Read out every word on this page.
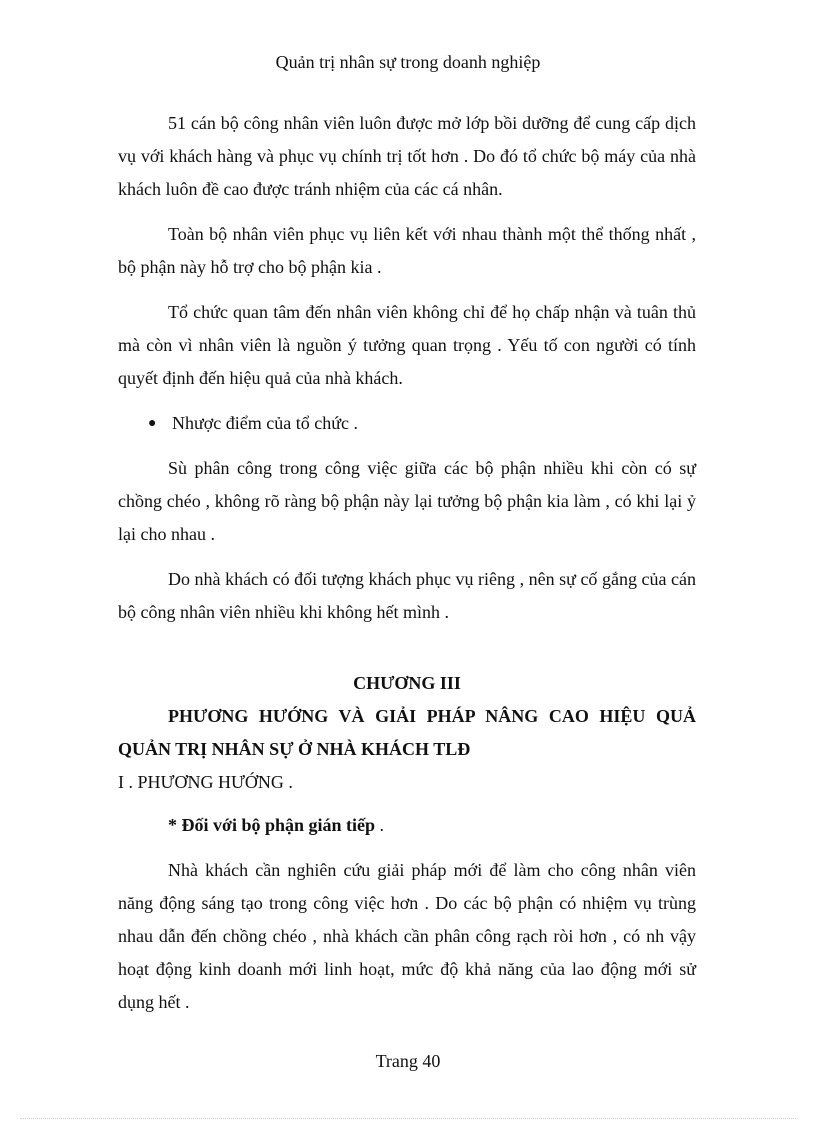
Quản trị nhân sự trong doanh nghiệp

51 cán bộ công nhân viên luôn được mở lớp bồi dưỡng để cung cấp dịch vụ với khách hàng và phục vụ chính trị tốt hơn . Do đó tổ chức bộ máy của nhà khách luôn đề cao được tránh nhiệm của các cá nhân.

Toàn bộ nhân viên phục vụ liên kết với nhau thành một thể thống nhất , bộ phận này hỗ trợ cho bộ phận kia .

Tổ chức quan tâm đến nhân viên không chỉ để họ chấp nhận và tuân thủ mà còn vì nhân viên là nguồn ý tưởng quan trọng . Yếu tố con người có tính quyết định đến hiệu quả của nhà khách.

● Nhược điểm của tổ chức .

Sù phân công trong công việc giữa các bộ phận nhiều khi còn có sự chồng chéo , không rõ ràng bộ phận này lại tưởng bộ phận kia làm , có khi lại ỷ lại cho nhau .

Do nhà khách có đối tượng khách phục vụ riêng , nên sự cố gắng của cán bộ công nhân viên nhiều khi không hết mình .

CHƯƠNG III

PHƯƠNG HƯỚNG VÀ GIẢI PHÁP NÂNG CAO HIỆU QUẢ QUẢN TRỊ NHÂN SỰ Ở NHÀ KHÁCH TLĐ

I . PHƯƠNG HƯỚNG .

* Đối với bộ phận gián tiếp .

Nhà khách cần nghiên cứu giải pháp mới để làm cho công nhân viên năng động sáng tạo trong công việc hơn . Do các bộ phận có nhiệm vụ trùng nhau dẫn đến chồng chéo , nhà khách cần phân công rạch ròi hơn , có nh vậy hoạt động kinh doanh mới linh hoạt, mức độ khả năng của lao động mới sử dụng hết .

Trang 40
